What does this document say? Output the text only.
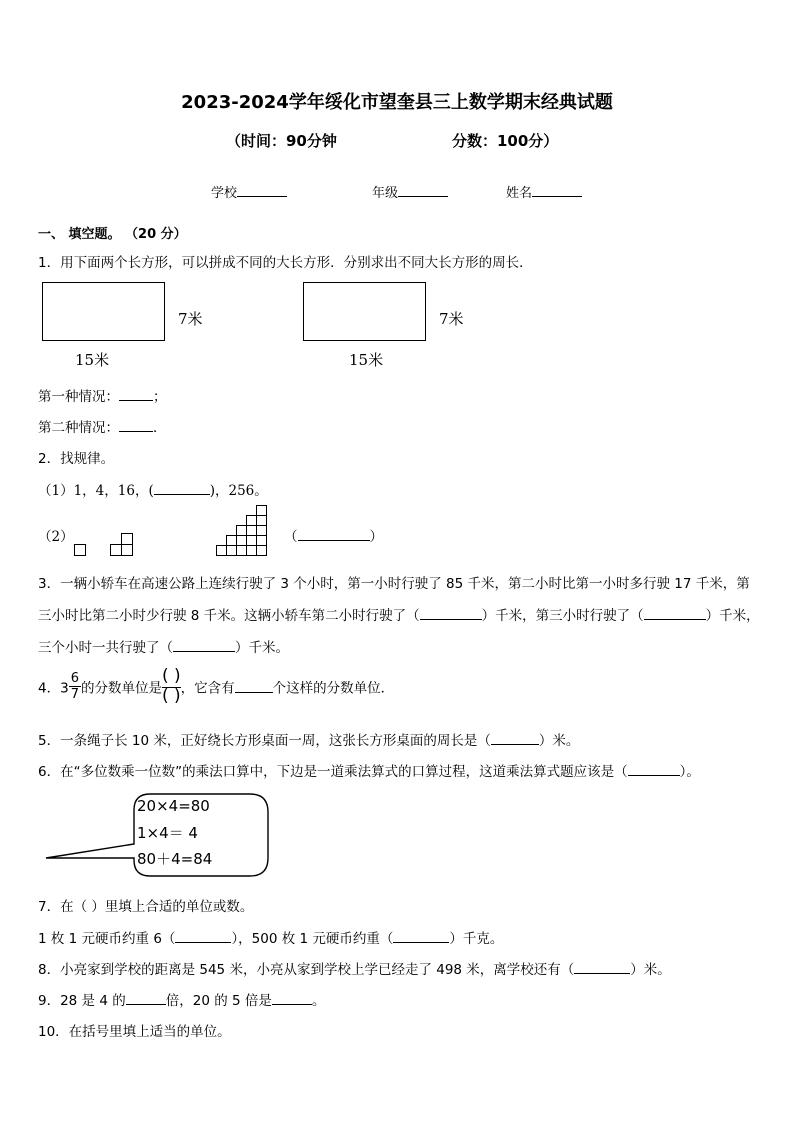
2023-2024学年绥化市望奎县三上数学期末经典试题
（时间：90分钟	分数：100分）
学校	年级	姓名
一、 填空题。 （20 分）
1．用下面两个长方形，可以拼成不同的大长方形．分别求出不同大长方形的周长．
7米
15米
7米
15米
第一种情况：	；
第二种情况：	．
2．找规律。
（1）1，4，16，(	)，256。
（2）	（	）
3．一辆小轿车在高速公路上连续行驶了 3 个小时，第一小时行驶了 85 千米，第二小时比第一小时多行驶 17 千米，第
三小时比第二小时少行驶 8 千米。这辆小轿车第二小时行驶了（	）千米，第三小时行驶了（	）千米，
三个小时一共行驶了（	）千米。
4．$3 \frac{6}{7}$ 的分数单位是 $\frac{( )}{( )}$ ，它含有	个这样的分数单位．
5．一条绳子长 10 米，正好绕长方形桌面一周，这张长方形桌面的周长是（	）米。
6．在“多位数乘一位数”的乘法口算中，下边是一道乘法算式的口算过程，这道乘法算式题应该是（	）。
20×4=80
1×4＝ 4
80＋4=84
7．在（ ）里填上合适的单位或数。
1 枚 1 元硬币约重 6（	），500 枚 1 元硬币约重（	）千克。
8．小亮家到学校的距离是 545 米，小亮从家到学校上学已经走了 498 米，离学校还有（	）米。
9．28 是 4 的	倍，20 的 5 倍是	。
10．在括号里填上适当的单位。
